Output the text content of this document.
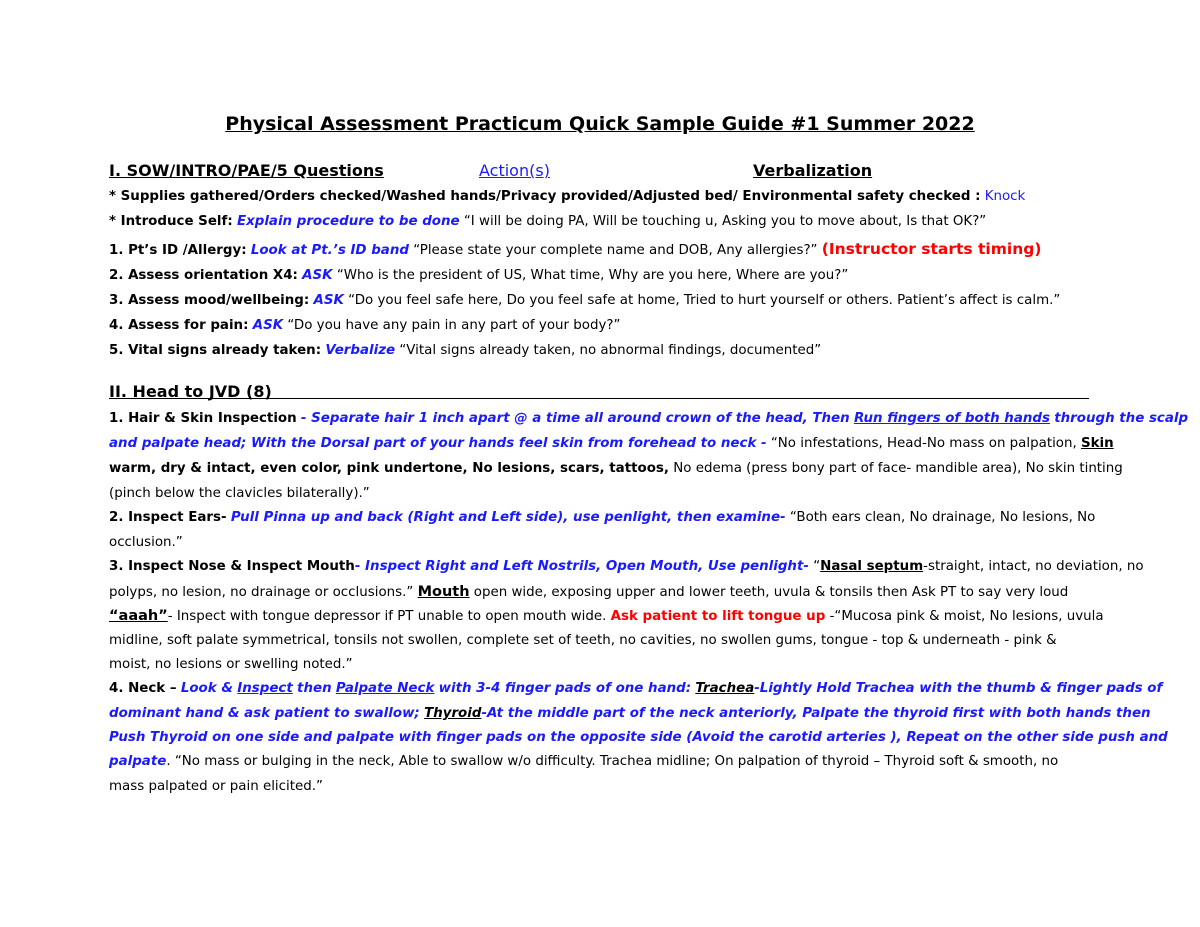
Physical Assessment Practicum Quick Sample Guide #1 Summer 2022
I. SOW/INTRO/PAE/5 Questions	Action(s)	Verbalization
* Supplies gathered/Orders checked/Washed hands/Privacy provided/Adjusted bed/ Environmental safety checked : Knock
* Introduce Self: Explain procedure to be done “I will be doing PA, Will be touching u, Asking you to move about, Is that OK?”
1. Pt’s ID /Allergy: Look at Pt.’s ID band “Please state your complete name and DOB, Any allergies?” (Instructor starts timing)
2. Assess orientation X4: ASK “Who is the president of US, What time, Why are you here, Where are you?”
3. Assess mood/wellbeing: ASK “Do you feel safe here, Do you feel safe at home, Tried to hurt yourself or others. Patient’s affect is calm.”
4. Assess for pain: ASK “Do you have any pain in any part of your body?”
5. Vital signs already taken: Verbalize “Vital signs already taken, no abnormal findings, documented”
II. Head to JVD (8)
1. Hair & Skin Inspection - Separate hair 1 inch apart @ a time all around crown of the head, Then Run fingers of both hands through the scalp
and palpate head; With the Dorsal part of your hands feel skin from forehead to neck - “No infestations, Head-No mass on palpation, Skin
warm, dry & intact, even color, pink undertone, No lesions, scars, tattoos, No edema (press bony part of face- mandible area), No skin tinting
(pinch below the clavicles bilaterally).”
2. Inspect Ears- Pull Pinna up and back (Right and Left side), use penlight, then examine- “Both ears clean, No drainage, No lesions, No
occlusion.”
3. Inspect Nose & Inspect Mouth- Inspect Right and Left Nostrils, Open Mouth, Use penlight- “Nasal septum-straight, intact, no deviation, no
polyps, no lesion, no drainage or occlusions.” Mouth open wide, exposing upper and lower teeth, uvula & tonsils then Ask PT to say very loud
“aaah”- Inspect with tongue depressor if PT unable to open mouth wide. Ask patient to lift tongue up -“Mucosa pink & moist, No lesions, uvula
midline, soft palate symmetrical, tonsils not swollen, complete set of teeth, no cavities, no swollen gums, tongue - top & underneath - pink &
moist, no lesions or swelling noted.”
4. Neck – Look & Inspect then Palpate Neck with 3-4 finger pads of one hand: Trachea-Lightly Hold Trachea with the thumb & finger pads of
dominant hand & ask patient to swallow; Thyroid-At the middle part of the neck anteriorly, Palpate the thyroid first with both hands then
Push Thyroid on one side and palpate with finger pads on the opposite side (Avoid the carotid arteries ), Repeat on the other side push and
palpate. “No mass or bulging in the neck, Able to swallow w/o difficulty. Trachea midline; On palpation of thyroid – Thyroid soft & smooth, no
mass palpated or pain elicited.”
